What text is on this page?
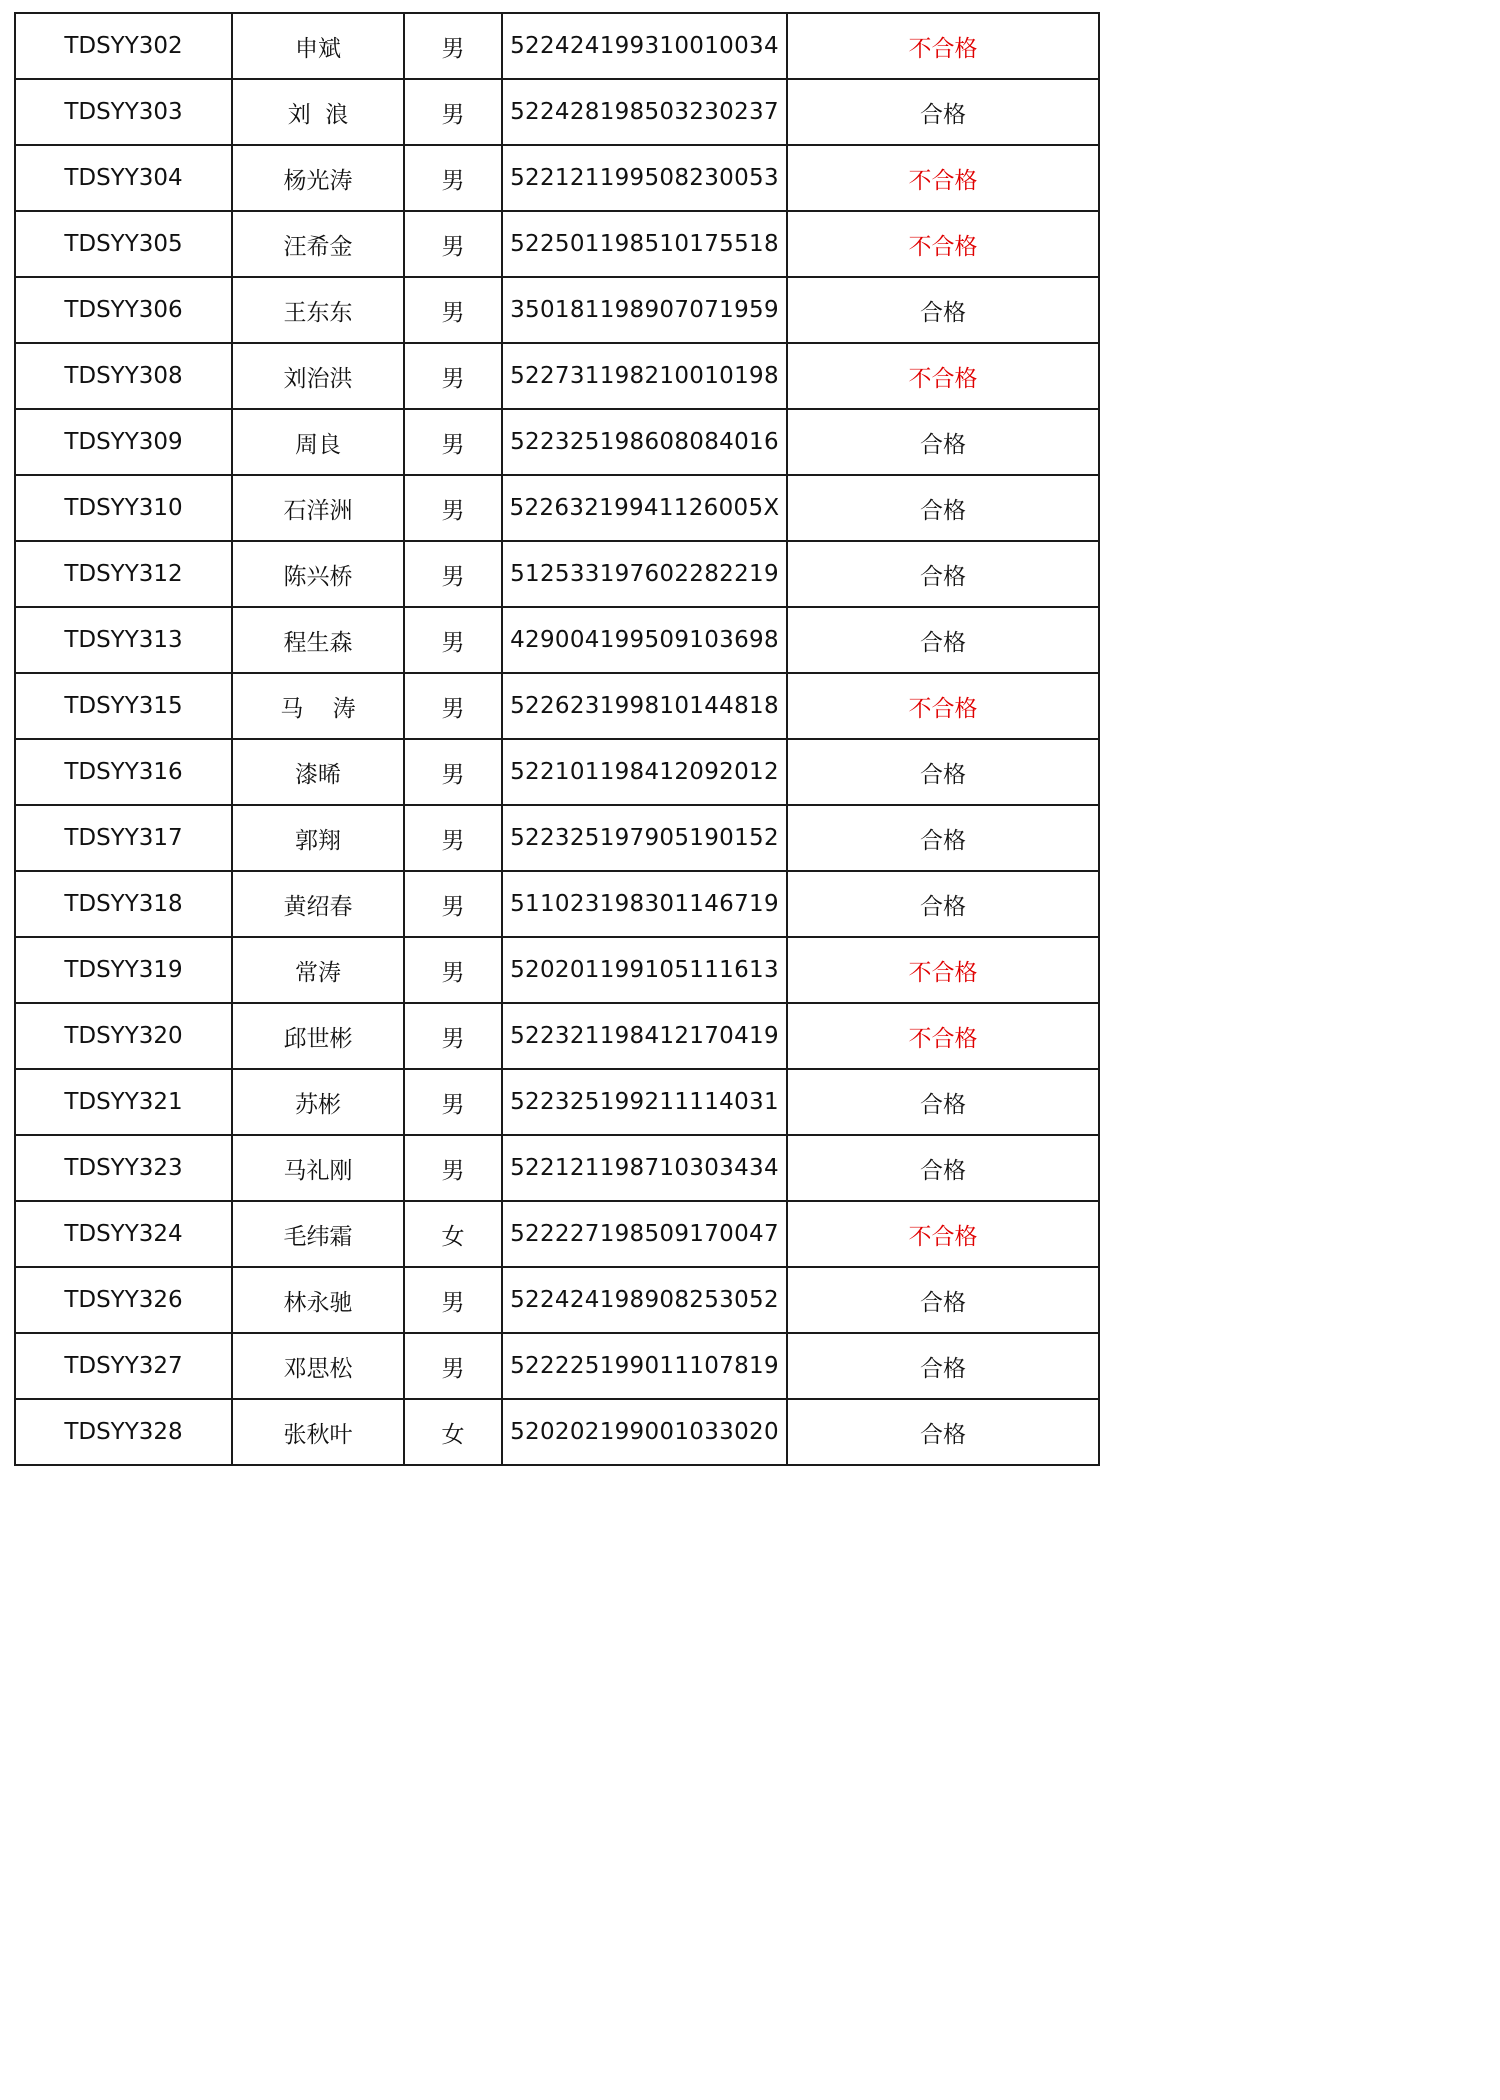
TDSYY302	申斌	男	522424199310010034	不合格
TDSYY303	刘  浪	男	522428198503230237	合格
TDSYY304	杨光涛	男	522121199508230053	不合格
TDSYY305	汪希金	男	522501198510175518	不合格
TDSYY306	王东东	男	350181198907071959	合格
TDSYY308	刘治洪	男	522731198210010198	不合格
TDSYY309	周良	男	522325198608084016	合格
TDSYY310	石洋洲	男	52263219941126005X	合格
TDSYY312	陈兴桥	男	512533197602282219	合格
TDSYY313	程生森	男	429004199509103698	合格
TDSYY315	马    涛	男	522623199810144818	不合格
TDSYY316	漆晞	男	522101198412092012	合格
TDSYY317	郭翔	男	522325197905190152	合格
TDSYY318	黄绍春	男	511023198301146719	合格
TDSYY319	常涛	男	520201199105111613	不合格
TDSYY320	邱世彬	男	522321198412170419	不合格
TDSYY321	苏彬	男	522325199211114031	合格
TDSYY323	马礼刚	男	522121198710303434	合格
TDSYY324	毛纬霜	女	522227198509170047	不合格
TDSYY326	林永驰	男	522424198908253052	合格
TDSYY327	邓思松	男	522225199011107819	合格
TDSYY328	张秋叶	女	520202199001033020	合格
